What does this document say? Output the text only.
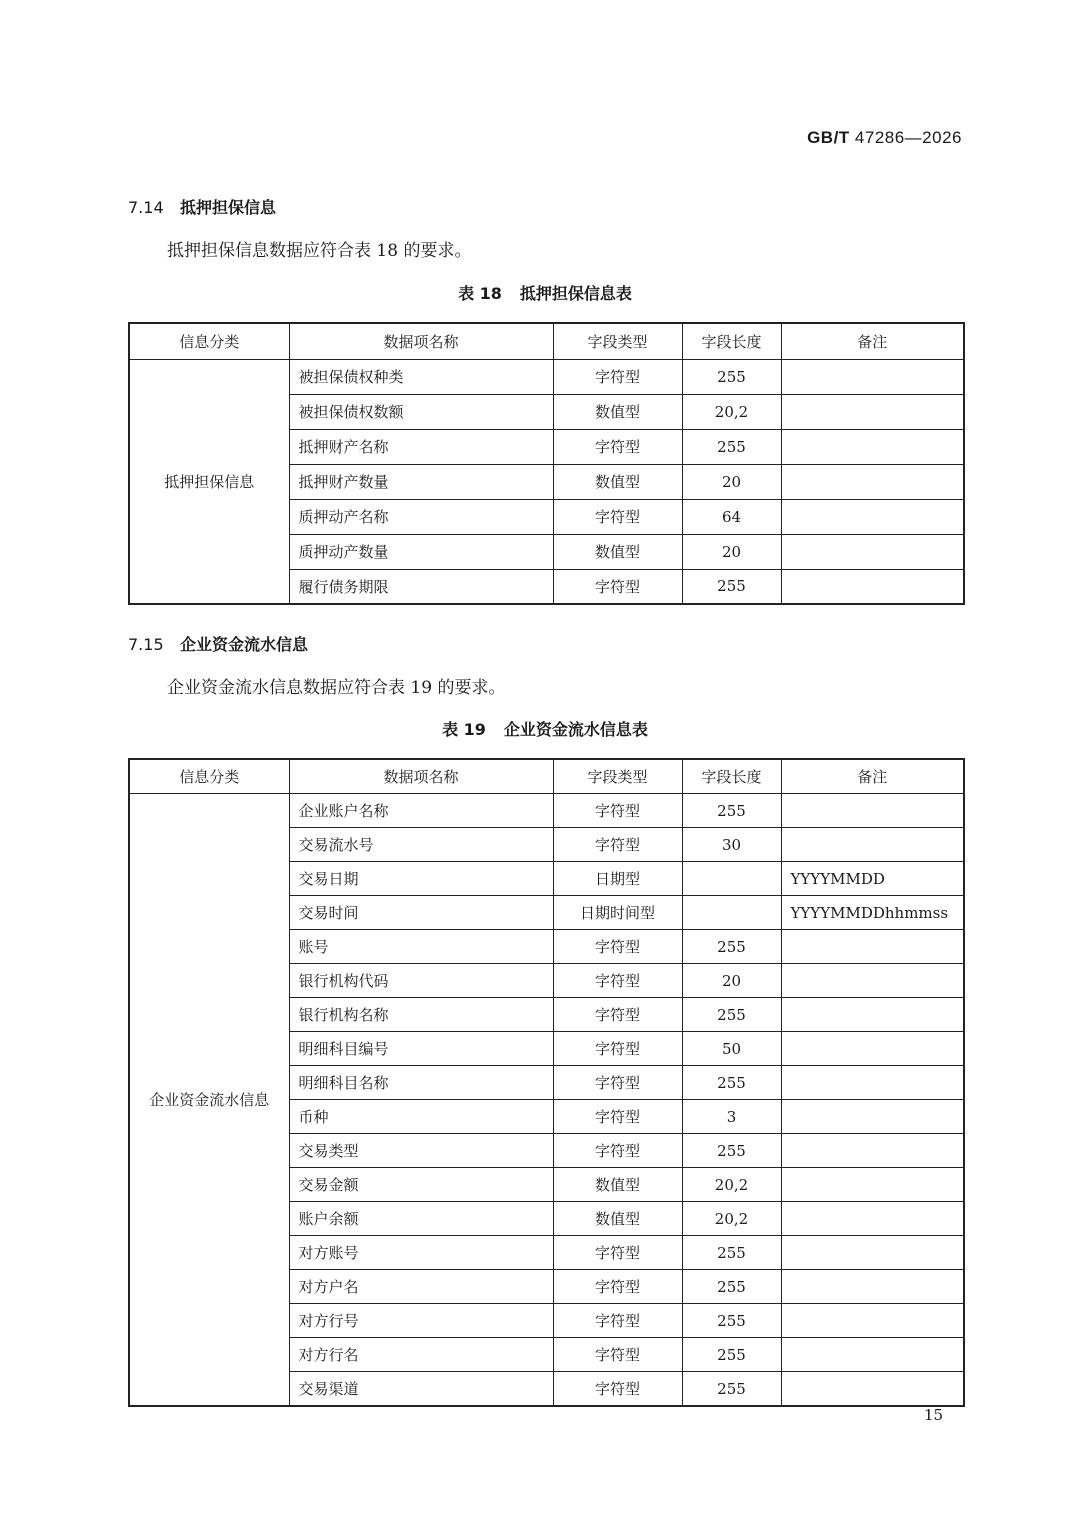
GB/T 47286—2026
7.14 抵押担保信息
抵押担保信息数据应符合表 18 的要求。
表 18 抵押担保信息表
信息分类	数据项名称	字段类型	字段长度	备注
抵押担保信息	被担保债权种类	字符型	255	
	被担保债权数额	数值型	20,2	
	抵押财产名称	字符型	255	
	抵押财产数量	数值型	20	
	质押动产名称	字符型	64	
	质押动产数量	数值型	20	
	履行债务期限	字符型	255	
7.15 企业资金流水信息
企业资金流水信息数据应符合表 19 的要求。
表 19 企业资金流水信息表
信息分类	数据项名称	字段类型	字段长度	备注
企业资金流水信息	企业账户名称	字符型	255	
	交易流水号	字符型	30	
	交易日期	日期型		YYYYMMDD
	交易时间	日期时间型		YYYYMMDDhhmmss
	账号	字符型	255	
	银行机构代码	字符型	20	
	银行机构名称	字符型	255	
	明细科目编号	字符型	50	
	明细科目名称	字符型	255	
	币种	字符型	3	
	交易类型	字符型	255	
	交易金额	数值型	20,2	
	账户余额	数值型	20,2	
	对方账号	字符型	255	
	对方户名	字符型	255	
	对方行号	字符型	255	
	对方行名	字符型	255	
	交易渠道	字符型	255	
15
